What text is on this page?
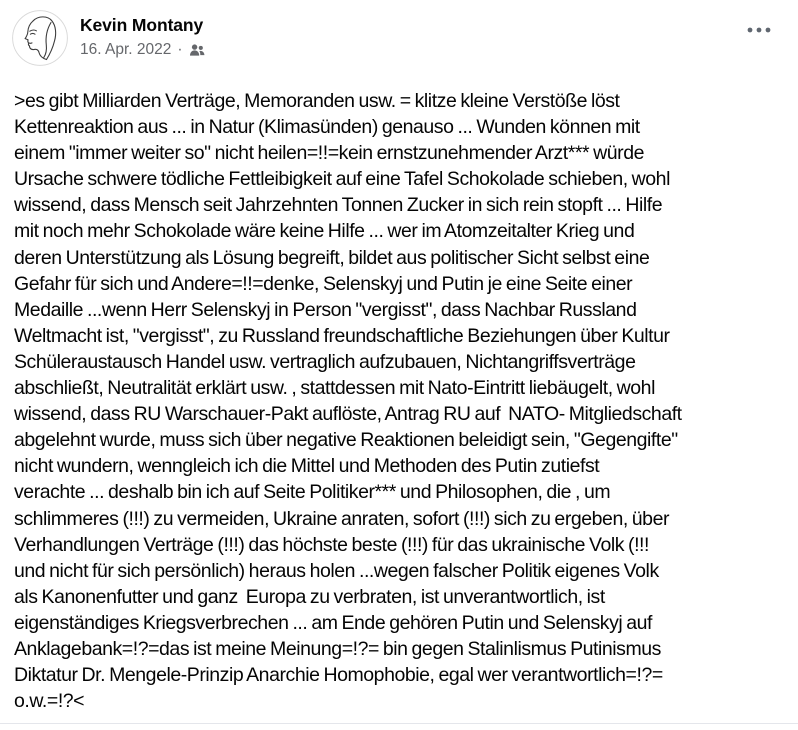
Kevin Montany
16. Apr. 2022 ·
>es gibt Milliarden Verträge, Memoranden usw. = klitze kleine Verstöße löst
Kettenreaktion aus ... in Natur (Klimasünden) genauso ... Wunden können mit
einem "immer weiter so" nicht heilen=!!=kein ernstzunehmender Arzt*** würde
Ursache schwere tödliche Fettleibigkeit auf eine Tafel Schokolade schieben, wohl
wissend, dass Mensch seit Jahrzehnten Tonnen Zucker in sich rein stopft ... Hilfe
mit noch mehr Schokolade wäre keine Hilfe ... wer im Atomzeitalter Krieg und
deren Unterstützung als Lösung begreift, bildet aus politischer Sicht selbst eine
Gefahr für sich und Andere=!!=denke, Selenskyj und Putin je eine Seite einer
Medaille ...wenn Herr Selenskyj in Person "vergisst", dass Nachbar Russland
Weltmacht ist, "vergisst", zu Russland freundschaftliche Beziehungen über Kultur
Schüleraustausch Handel usw. vertraglich aufzubauen, Nichtangriffsverträge
abschließt, Neutralität erklärt usw. , stattdessen mit Nato-Eintritt liebäugelt, wohl
wissend, dass RU Warschauer-Pakt auflöste, Antrag RU auf  NATO- Mitgliedschaft
abgelehnt wurde, muss sich über negative Reaktionen beleidigt sein, "Gegengifte"
nicht wundern, wenngleich ich die Mittel und Methoden des Putin zutiefst
verachte ... deshalb bin ich auf Seite Politiker*** und Philosophen, die , um
schlimmeres (!!!) zu vermeiden, Ukraine anraten, sofort (!!!) sich zu ergeben, über
Verhandlungen Verträge (!!!) das höchste beste (!!!) für das ukrainische Volk (!!!
und nicht für sich persönlich) heraus holen ...wegen falscher Politik eigenes Volk
als Kanonenfutter und ganz  Europa zu verbraten, ist unverantwortlich, ist
eigenständiges Kriegsverbrechen ... am Ende gehören Putin und Selenskyj auf
Anklagebank=!?=das ist meine Meinung=!?= bin gegen Stalinlismus Putinismus
Diktatur Dr. Mengele-Prinzip Anarchie Homophobie, egal wer verantwortlich=!?=
o.w.=!?<
